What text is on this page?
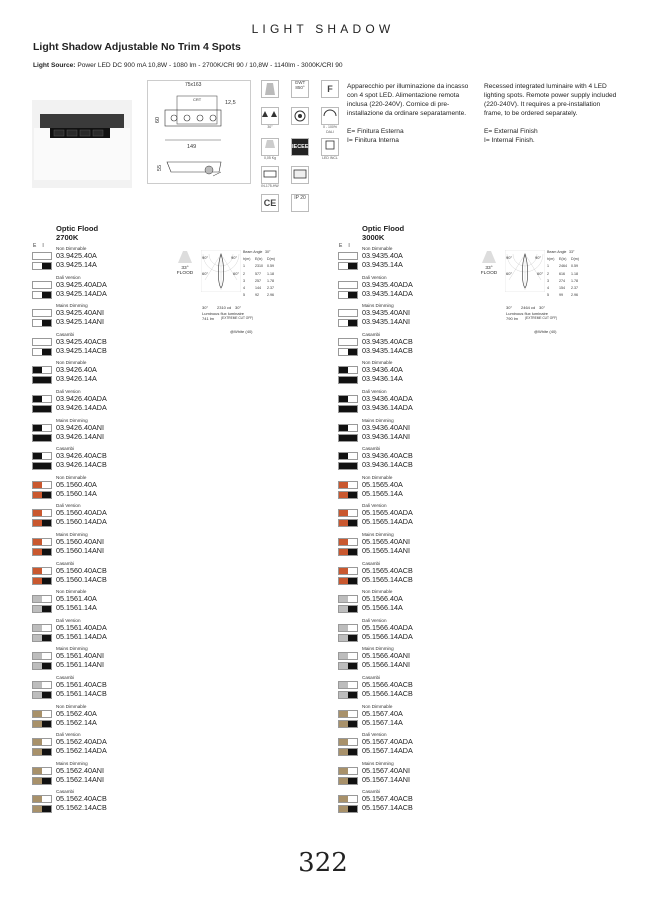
LIGHT SHADOW
Light Shadow Adjustable No Trim 4 Spots
Light Source: Power LED DC 900 mA 10,8W - 1080 lm - 2700K/CRI 90 / 10,8W - 1140lm - 3000K/CRI 90
75x163
CRT
12,5
60
149
55
GWT 850°	F
30°	0 - 100%
DALI
0,05 Kg
IECEE
LED INCL
IN-175-HW
CE	IP 20
Apparecchio per illuminazione da incasso con 4 spot LED. Alimentazione remota inclusa (220-240V). Cornice di pre-installazione da ordinare separatamente.
E= Finitura Esterna
I= Finitura Interna
Recessed integrated luminaire with 4 LED lighting spots. Remote power supply included (220-240V). It requires a pre-installation frame, to be ordered separately.
E= External Finish
I= Internal Finish.
Optic Flood
2700K
E I	Non Dimmable
03.9425.40A
03.9425.14A
Dali Version
03.9425.40ADA
03.9425.14ADA
Mains Dimming
03.9425.40ANI
03.9425.14ANI
Casambi
03.9425.40ACB
03.9425.14ACB
Non Dimmable
03.9426.40A
03.9426.14A
Dali Version
03.9426.40ADA
03.9426.14ADA
Mains Dimming
03.9426.40ANI
03.9426.14ANI
Casambi
03.9426.40ACB
03.9426.14ACB
Non Dimmable
05.1560.40A
05.1560.14A
Dali Version
05.1560.40ADA
05.1560.14ADA
Mains Dimming
05.1560.40ANI
05.1560.14ANI
Casambi
05.1560.40ACB
05.1560.14ACB
Non Dimmable
05.1561.40A
05.1561.14A
Dali Version
05.1561.40ADA
05.1561.14ADA
Mains Dimming
05.1561.40ANI
05.1561.14ANI
Casambi
05.1561.40ACB
05.1561.14ACB
Non Dimmable
05.1562.40A
05.1562.14A
Dali Version
05.1562.40ADA
05.1562.14ADA
Mains Dimming
05.1562.40ANI
05.1562.14ANI
Casambi
05.1562.40ACB
05.1562.14ACB
Optic Flood
3000K
E I	Non Dimmable
03.9435.40A
03.9435.14A
Dali Version
03.9435.40ADA
03.9435.14ADA
Mains Dimming
03.9435.40ANI
03.9435.14ANI
Casambi
03.9435.40ACB
03.9435.14ACB
Non Dimmable
03.9436.40A
03.9436.14A
Dali Version
03.9436.40ADA
03.9436.14ADA
Mains Dimming
03.9436.40ANI
03.9436.14ANI
Casambi
03.9436.40ACB
03.9436.14ACB
Non Dimmable
05.1565.40A
05.1565.14A
Dali Version
05.1565.40ADA
05.1565.14ADA
Mains Dimming
05.1565.40ANI
05.1565.14ANI
Casambi
05.1565.40ACB
05.1565.14ACB
Non Dimmable
05.1566.40A
05.1566.14A
Dali Version
05.1566.40ADA
05.1566.14ADA
Mains Dimming
05.1566.40ANI
05.1566.14ANI
Casambi
05.1566.40ACB
05.1566.14ACB
Non Dimmable
05.1567.40A
05.1567.14A
Dali Version
05.1567.40ADA
05.1567.14ADA
Mains Dimming
05.1567.40ANI
05.1567.14ANI
Casambi
05.1567.40ACB
05.1567.14ACB
33°
FLOOD
90°	90°
60°	60°
30° 2310 cd 30°
Beam Angle 30°
h(m) E(lx) D(m)
1	2310 0.59
2	577 1.18
3	257 1.78
4	144 2.37
5	92 2.96
Luminous flux luminaire
741 lm (EXTREME CUT OFF)
@White (40)
33°
FLOOD
90°	90°
60°	60°
30° 2464 cd 30°
Beam Angle 33°
h(m) E(lx) D(m)
1	2464 0.59
2	616 1.18
3	274 1.78
4	154 2.37
5	99 2.96
Luminous flux luminaire
790 lm (EXTREME CUT OFF)
@White (40)
322
